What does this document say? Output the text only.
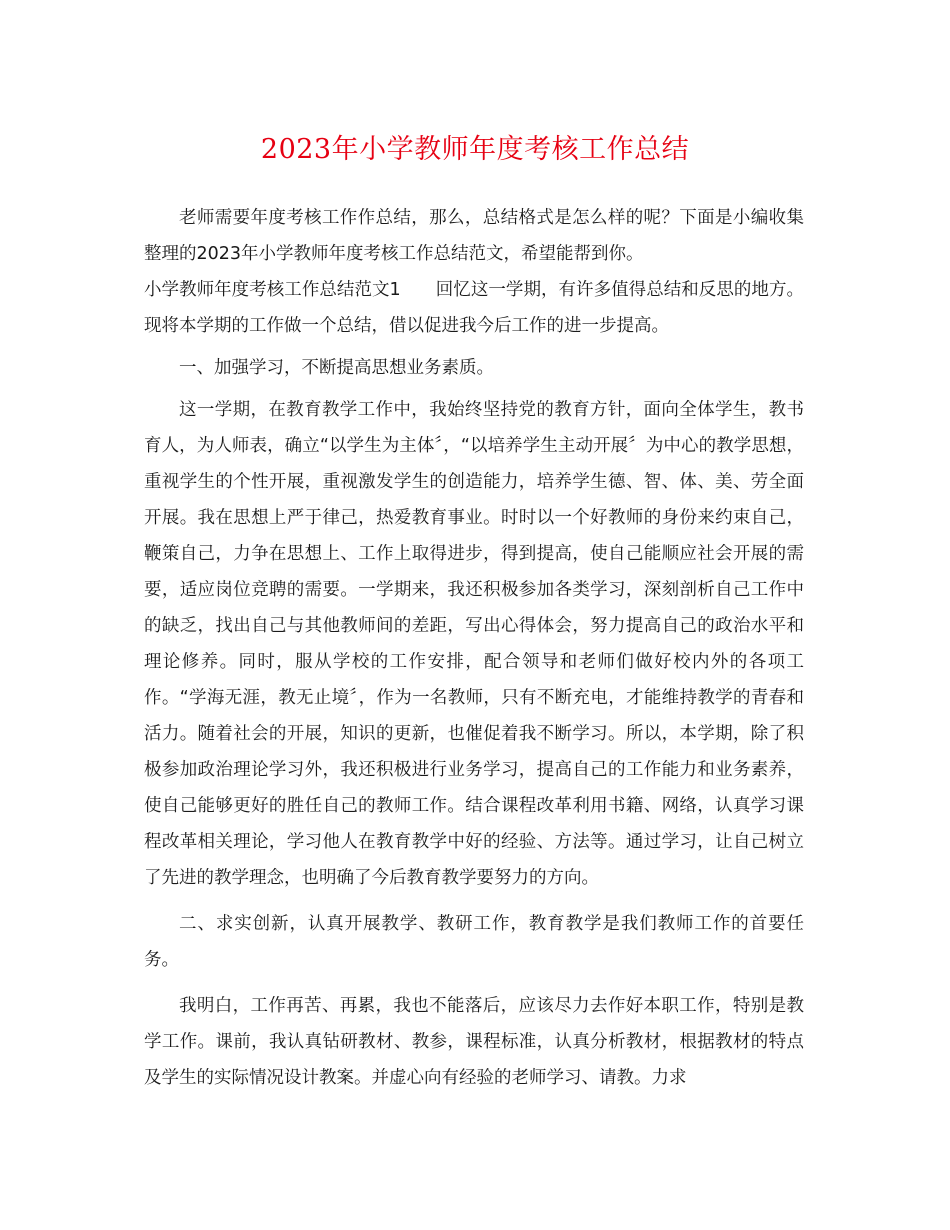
2023年小学教师年度考核工作总结

老师需要年度考核工作作总结，那么，总结格式是怎么样的呢？下面是小编收集整理的2023年小学教师年度考核工作总结范文，希望能帮到你。

小学教师年度考核工作总结范文1　　回忆这一学期，有许多值得总结和反思的地方。现将本学期的工作做一个总结，借以促进我今后工作的进一步提高。

一、加强学习，不断提高思想业务素质。

这一学期，在教育教学工作中，我始终坚持党的教育方针，面向全体学生，教书育人，为人师表，确立“以学生为主体〞，“以培养学生主动开展〞为中心的教学思想，重视学生的个性开展，重视激发学生的创造能力，培养学生德、智、体、美、劳全面开展。我在思想上严于律己，热爱教育事业。时时以一个好教师的身份来约束自己，鞭策自己，力争在思想上、工作上取得进步，得到提高，使自己能顺应社会开展的需要，适应岗位竞聘的需要。一学期来，我还积极参加各类学习，深刻剖析自己工作中的缺乏，找出自己与其他教师间的差距，写出心得体会，努力提高自己的政治水平和理论修养。同时，服从学校的工作安排，配合领导和老师们做好校内外的各项工作。“学海无涯，教无止境〞，作为一名教师，只有不断充电，才能维持教学的青春和活力。随着社会的开展，知识的更新，也催促着我不断学习。所以，本学期，除了积极参加政治理论学习外，我还积极进行业务学习，提高自己的工作能力和业务素养，使自己能够更好的胜任自己的教师工作。结合课程改革利用书籍、网络，认真学习课程改革相关理论，学习他人在教育教学中好的经验、方法等。通过学习，让自己树立了先进的教学理念，也明确了今后教育教学要努力的方向。

二、求实创新，认真开展教学、教研工作，教育教学是我们教师工作的首要任务。

我明白，工作再苦、再累，我也不能落后，应该尽力去作好本职工作，特别是教学工作。课前，我认真钻研教材、教参，课程标准，认真分析教材，根据教材的特点及学生的实际情况设计教案。并虚心向有经验的老师学习、请教。力求
